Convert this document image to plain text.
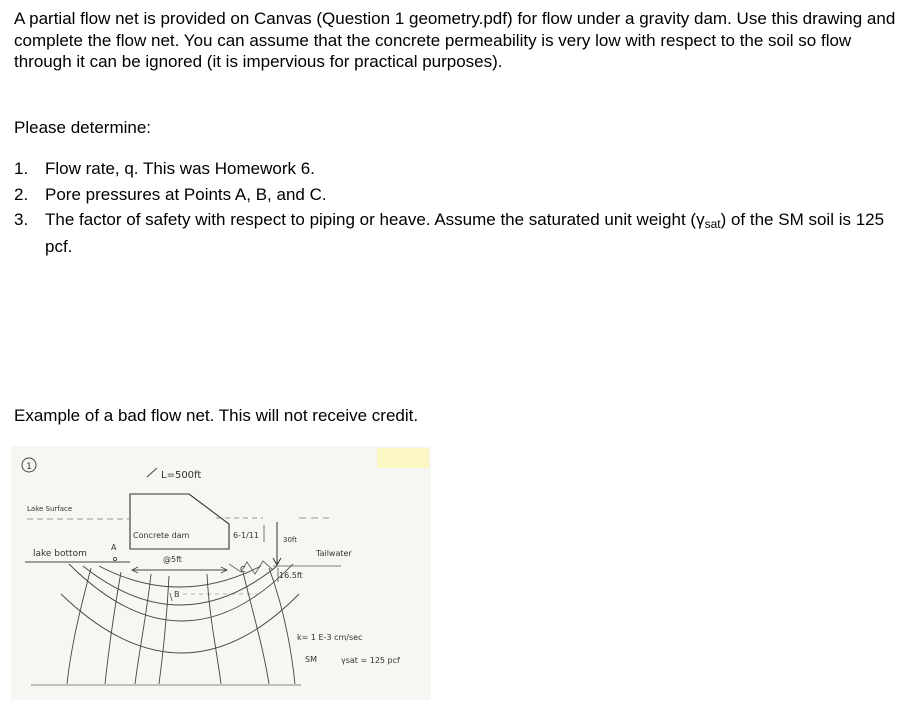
A partial flow net is provided on Canvas (Question 1 geometry.pdf) for flow under a gravity dam. Use this drawing and complete the flow net. You can assume that the concrete permeability is very low with respect to the soil so flow through it can be ignored (it is impervious for practical purposes).
Please determine:
1. Flow rate, q. This was Homework 6.
2. Pore pressures at Points A, B, and C.
3. The factor of safety with respect to piping or heave. Assume the saturated unit weight $(\gamma_{sat})$ of the SM soil is 125 pcf.
Example of a bad flow net. This will not receive credit.
1
L=500ft
Lake Surface
Concrete dam	6-1/11	30ft
lake bottom
A
@5ft
C
Tailwater
16.5ft
B
k= 1 E-3 cm/sec
SM	γsat = 125 pcf
